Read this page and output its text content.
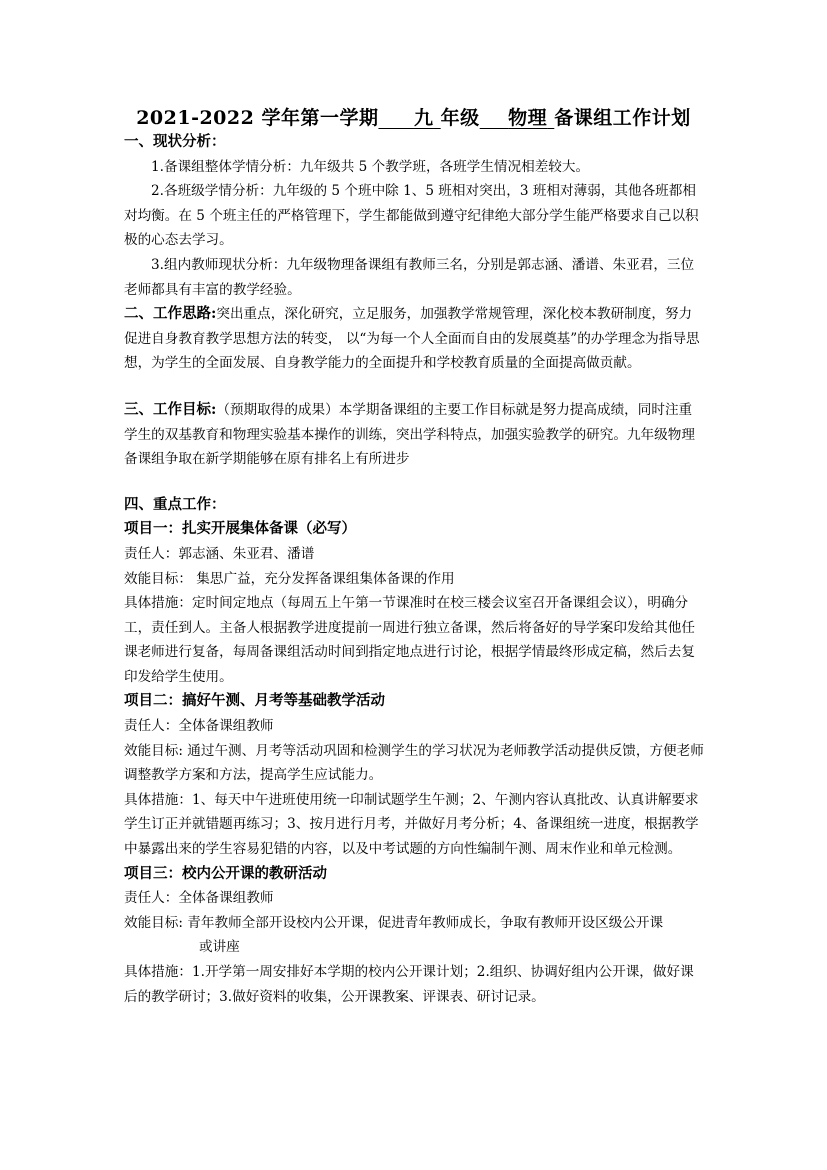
2021-2022 学年第一学期 九 年级 物理 备课组工作计划

一、现状分析：

1.备课组整体学情分析：九年级共 5 个教学班，各班学生情况相差较大。

2.各班级学情分析：九年级的 5 个班中除 1、5 班相对突出，3 班相对薄弱，其他各班都相对均衡。在 5 个班主任的严格管理下，学生都能做到遵守纪律绝大部分学生能严格要求自己以积极的心态去学习。

3.组内教师现状分析：九年级物理备课组有教师三名，分别是郭志涵、潘谱、朱亚君，三位老师都具有丰富的教学经验。

二、工作思路:突出重点，深化研究，立足服务，加强教学常规管理，深化校本教研制度，努力促进自身教育教学思想方法的转变， 以“为每一个人全面而自由的发展奠基”的办学理念为指导思想，为学生的全面发展、自身教学能力的全面提升和学校教育质量的全面提高做贡献。

三、工作目标:（预期取得的成果）本学期备课组的主要工作目标就是努力提高成绩，同时注重学生的双基教育和物理实验基本操作的训练，突出学科特点，加强实验教学的研究。九年级物理备课组争取在新学期能够在原有排名上有所进步

四、重点工作：

项目一：扎实开展集体备课（必写）

责任人：郭志涵、朱亚君、潘谱

效能目标： 集思广益，充分发挥备课组集体备课的作用

具体措施：定时间定地点（每周五上午第一节课准时在校三楼会议室召开备课组会议），明确分工，责任到人。主备人根据教学进度提前一周进行独立备课，然后将备好的导学案印发给其他任课老师进行复备，每周备课组活动时间到指定地点进行讨论，根据学情最终形成定稿，然后去复印发给学生使用。

项目二：搞好午测、月考等基础教学活动

责任人：全体备课组教师

效能目标: 通过午测、月考等活动巩固和检测学生的学习状况为老师教学活动提供反馈，方便老师调整教学方案和方法，提高学生应试能力。

具体措施：1、每天中午进班使用统一印制试题学生午测；2、午测内容认真批改、认真讲解要求学生订正并就错题再练习；3、按月进行月考，并做好月考分析；4、备课组统一进度，根据教学中暴露出来的学生容易犯错的内容，以及中考试题的方向性编制午测、周末作业和单元检测。

项目三：校内公开课的教研活动

责任人：全体备课组教师

效能目标: 青年教师全部开设校内公开课，促进青年教师成长，争取有教师开设区级公开课

或讲座

具体措施：1.开学第一周安排好本学期的校内公开课计划；2.组织、协调好组内公开课，做好课后的教学研讨；3.做好资料的收集，公开课教案、评课表、研讨记录。
